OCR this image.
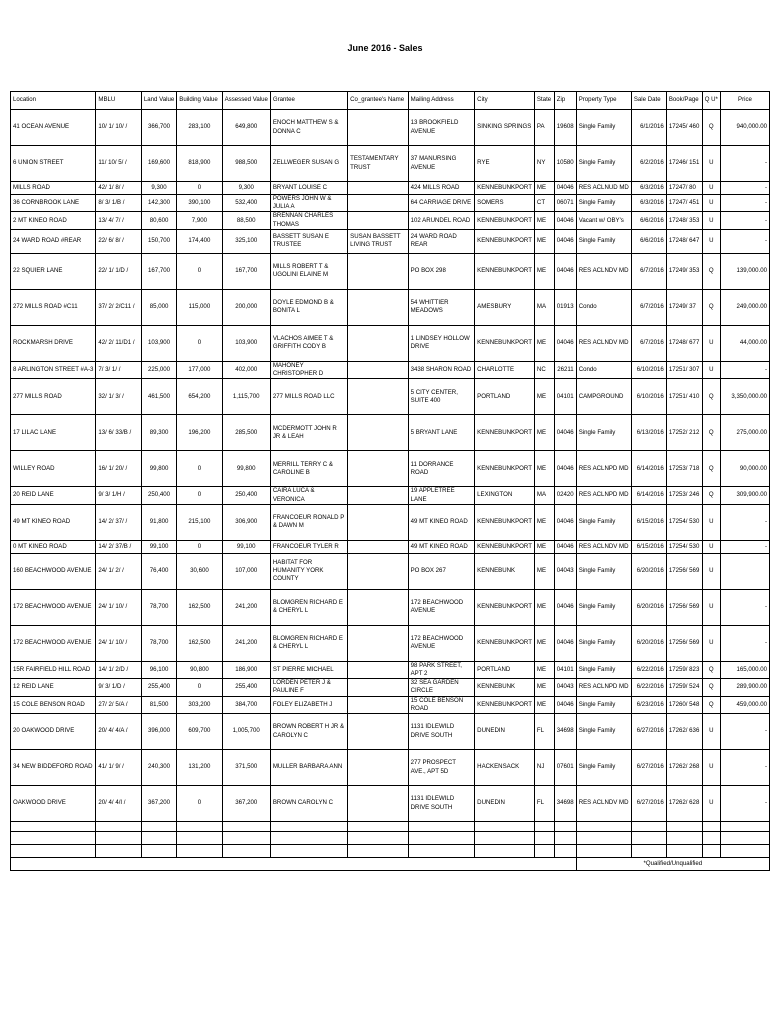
June 2016 - Sales
Location	MBLU	Land Value	Building Value	Assessed Value	Grantee	Co_grantee's Name	Mailing Address	City	State	Zip	Property Type	Sale Date	Book/Page	Q U*	Price
41 OCEAN AVENUE	10/ 1/ 10/ /	366,700	283,100	649,800	ENOCH MATTHEW S & DONNA C		13 BROOKFIELD AVENUE	SINKING SPRINGS	PA	19608	Single Family	6/1/2016	17245/ 460	Q	940,000.00
6 UNION STREET	11/ 10/ 5/ /	169,600	818,900	988,500	ZELLWEGER SUSAN G	TESTAMENTARY TRUST	37 MANURSING AVENUE	RYE	NY	10580	Single Family	6/2/2016	17246/ 151	U	-
MILLS ROAD	42/ 1/ 8/ /	9,300	0	9,300	BRYANT LOUISE C		424 MILLS ROAD	KENNEBUNKPORT	ME	04046	RES ACLNUD MD	6/3/2016	17247/ 80	U	-
36 CORNBROOK LANE	8/ 3/ 1/B /	142,300	390,100	532,400	POWERS JOHN W & JULIA A		64 CARRIAGE DRIVE	SOMERS	CT	06071	Single Family	6/3/2016	17247/ 451	U	-
2 MT KINEO ROAD	13/ 4/ 7/ /	80,600	7,900	88,500	BRENNAN CHARLES THOMAS		102 ARUNDEL ROAD	KENNEBUNKPORT	ME	04046	Vacant w/ OBY's	6/6/2016	17248/ 353	U	-
24 WARD ROAD #REAR	22/ 6/ 8/ /	150,700	174,400	325,100	BASSETT SUSAN E TRUSTEE	SUSAN BASSETT LIVING TRUST	24 WARD ROAD REAR	KENNEBUNKPORT	ME	04046	Single Family	6/6/2016	17248/ 647	U	-
22 SQUIER LANE	22/ 1/ 1/D /	167,700	0	167,700	MILLS ROBERT T & UGOLINI ELAINE M		PO BOX 298	KENNEBUNKPORT	ME	04046	RES ACLNDV MD	6/7/2016	17249/ 353	Q	139,000.00
272 MILLS ROAD #C11	37/ 2/ 2/C11 /	85,000	115,000	200,000	DOYLE EDMOND B & BONITA L		54 WHITTIER MEADOWS	AMESBURY	MA	01913	Condo	6/7/2016	17249/ 37	Q	249,000.00
ROCKMARSH DRIVE	42/ 2/ 11/D1 /	103,900	0	103,900	VLACHOS AIMEE T & GRIFFITH CODY B		1 LINDSEY HOLLOW DRIVE	KENNEBUNKPORT	ME	04046	RES ACLNDV MD	6/7/2016	17248/ 677	U	44,000.00
8 ARLINGTON STREET #A-3	7/ 3/ 1/ /	225,000	177,000	402,000	MAHONEY CHRISTOPHER D		3438 SHARON ROAD	CHARLOTTE	NC	26211	Condo	6/10/2016	17251/ 307	U	-
277 MILLS ROAD	32/ 1/ 3/ /	461,500	654,200	1,115,700	277 MILLS ROAD LLC		5 CITY CENTER, SUITE 400	PORTLAND	ME	04101	CAMPGROUND	6/10/2016	17251/ 410	Q	3,350,000.00
17 LILAC LANE	13/ 6/ 33/B /	89,300	196,200	285,500	MCDERMOTT JOHN R JR & LEAH		5 BRYANT LANE	KENNEBUNKPORT	ME	04046	Single Family	6/13/2016	17252/ 212	Q	275,000.00
WILLEY ROAD	16/ 1/ 20/ /	99,800	0	99,800	MERRILL TERRY C & CAROLINE B		11 DORRANCE ROAD	KENNEBUNKPORT	ME	04046	RES ACLNPD MD	6/14/2016	17253/ 718	Q	90,000.00
20 REID LANE	9/ 3/ 1/H /	250,400	0	250,400	CAIRA LUCA & VERONICA		19 APPLETREE LANE	LEXINGTON	MA	02420	RES ACLNPD MD	6/14/2016	17253/ 246	Q	309,900.00
49 MT KINEO ROAD	14/ 2/ 37/ /	91,800	215,100	306,900	FRANCOEUR RONALD P & DAWN M		49 MT KINEO ROAD	KENNEBUNKPORT	ME	04046	Single Family	6/15/2016	17254/ 530	U	-
0 MT KINEO ROAD	14/ 2/ 37/B /	99,100	0	99,100	FRANCOEUR TYLER R		49 MT KINEO ROAD	KENNEBUNKPORT	ME	04046	RES ACLNDV MD	6/15/2016	17254/ 530	U	-
160 BEACHWOOD AVENUE	24/ 1/ 2/ /	76,400	30,600	107,000	HABITAT FOR HUMANITY YORK COUNTY		PO BOX 267	KENNEBUNK	ME	04043	Single Family	6/20/2016	17256/ 569	U	
172 BEACHWOOD AVENUE	24/ 1/ 10/ /	78,700	162,500	241,200	BLOMGREN RICHARD E & CHERYL L		172 BEACHWOOD AVENUE	KENNEBUNKPORT	ME	04046	Single Family	6/20/2016	17256/ 569	U	-
172 BEACHWOOD AVENUE	24/ 1/ 10/ /	78,700	162,500	241,200	BLOMGREN RICHARD E & CHERYL L		172 BEACHWOOD AVENUE	KENNEBUNKPORT	ME	04046	Single Family	6/20/2016	17256/ 569	U	-
15R FAIRFIELD HILL ROAD	14/ 1/ 2/D /	96,100	90,800	186,900	ST PIERRE MICHAEL		98 PARK STREET, APT 2	PORTLAND	ME	04101	Single Family	6/22/2016	17259/ 823	Q	165,000.00
12 REID LANE	9/ 3/ 1/D /	255,400	0	255,400	LORDEN PETER J & PAULINE F		32 SEA GARDEN CIRCLE	KENNEBUNK	ME	04043	RES ACLNPD MD	6/22/2016	17259/ 524	Q	289,900.00
15 COLE BENSON ROAD	27/ 2/ 5/A /	81,500	303,200	384,700	FOLEY ELIZABETH J		15 COLE BENSON ROAD	KENNEBUNKPORT	ME	04046	Single Family	6/23/2016	17260/ 548	Q	459,000.00
20 OAKWOOD DRIVE	20/ 4/ 4/A /	396,000	609,700	1,005,700	BROWN ROBERT H JR & CAROLYN C		1131 IDLEWILD DRIVE SOUTH	DUNEDIN	FL	34698	Single Family	6/27/2016	17262/ 636	U	-
34 NEW BIDDEFORD ROAD	41/ 1/ 9/ /	240,300	131,200	371,500	MULLER BARBARA ANN		277 PROSPECT AVE., APT 5D	HACKENSACK	NJ	07601	Single Family	6/27/2016	17262/ 268	U	-
OAKWOOD DRIVE	20/ 4/ 4/I /	367,200	0	367,200	BROWN CAROLYN C		1131 IDLEWILD DRIVE SOUTH	DUNEDIN	FL	34698	RES ACLNDV MD	6/27/2016	17262/ 628	U	-

											*Qualified/Unqualified				
